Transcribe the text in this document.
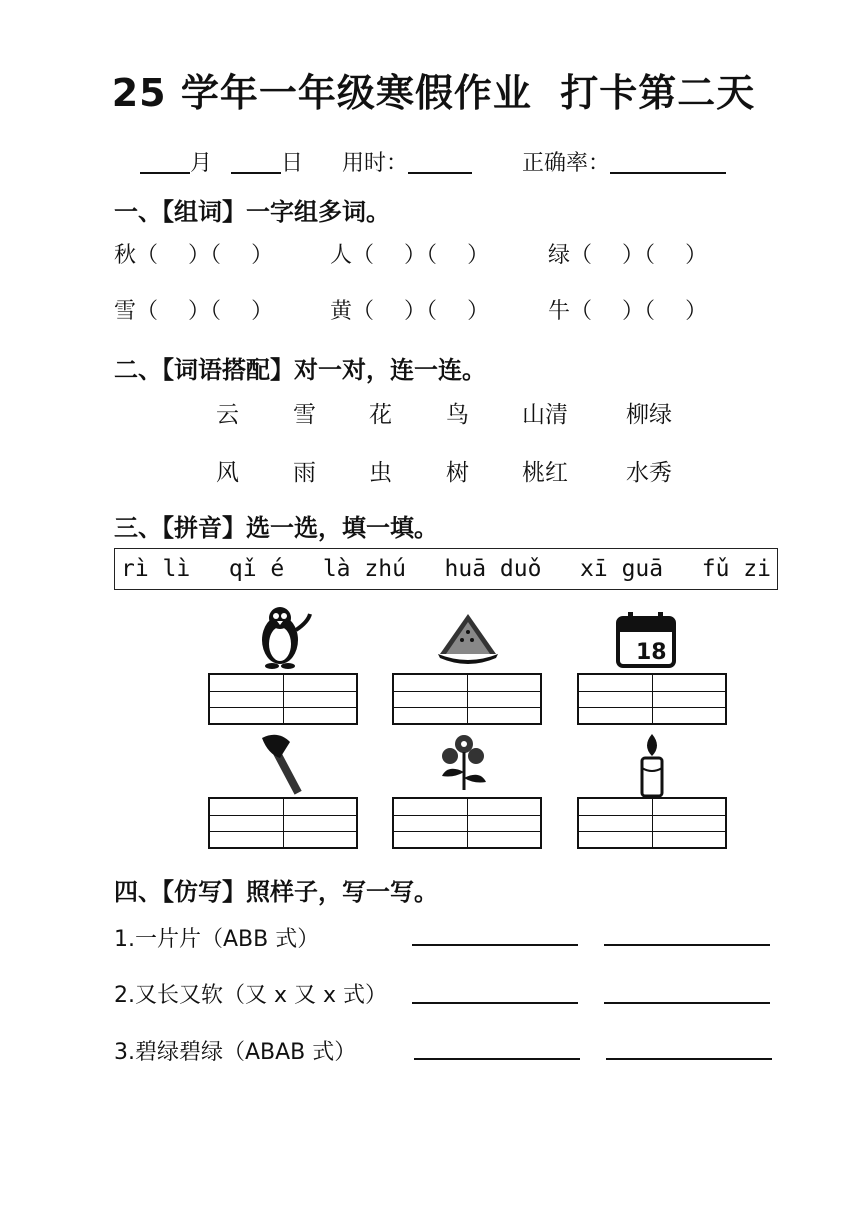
25 学年一年级寒假作业  打卡第二天
月	日 用时：	正确率：
一、【组词】一字组多词。
秋（ ）（ ）	人（ ）（ ）	绿（ ）（ ）
雪（ ）（ ）	黄（ ）（ ）	牛（ ）（ ）
二、【词语搭配】对一对，连一连。
云 雪 花 鸟 山清	柳绿
风 雨 虫 树 桃红	水秀
三、【拼音】选一选，填一填。
rì lì qǐ é là zhú huā duǒ xī guā fǔ zi
18
四、【仿写】照样子，写一写。
1.一片片（ABB 式）
2.又长又软（又 x 又 x 式）
3.碧绿碧绿（ABAB 式）
